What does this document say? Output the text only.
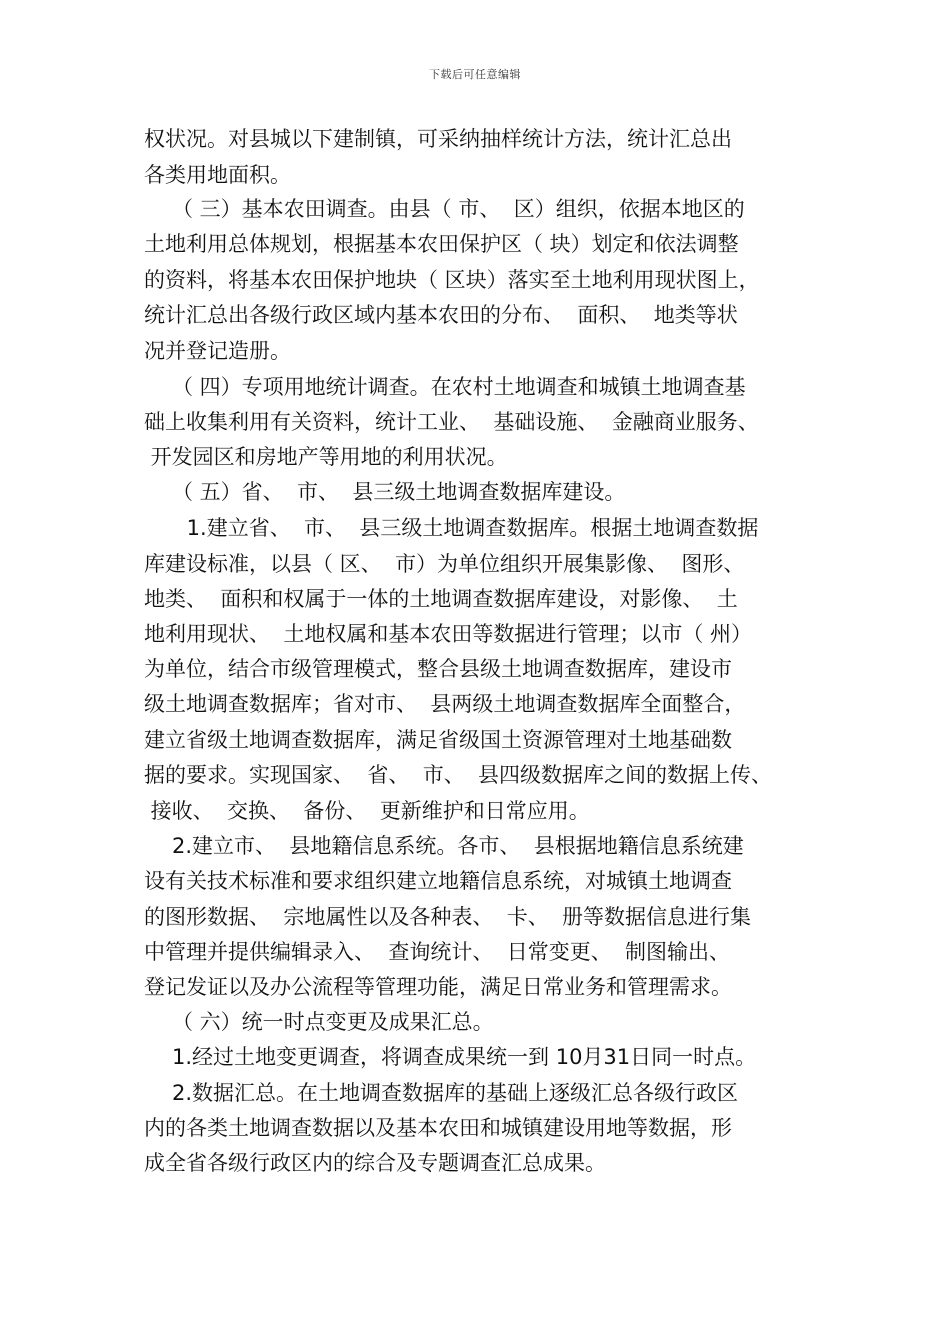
下载后可任意编辑
权状况。对县城以下建制镇，可采纳抽样统计方法，统计汇总出
各类用地面积。
（ 三）基本农田调查。由县（ 市、  区）组织，依据本地区的
土地利用总体规划，根据基本农田保护区（ 块）划定和依法调整
的资料，将基本农田保护地块（ 区块）落实至土地利用现状图上，
统计汇总出各级行政区域内基本农田的分布、  面积、  地类等状
况并登记造册。
（ 四）专项用地统计调查。在农村土地调查和城镇土地调查基
础上收集利用有关资料，统计工业、  基础设施、  金融商业服务、
开发园区和房地产等用地的利用状况。
（ 五）省、  市、  县三级土地调查数据库建设。
1.建立省、  市、  县三级土地调查数据库。根据土地调查数据
库建设标准，以县（ 区、  市）为单位组织开展集影像、  图形、
地类、  面积和权属于一体的土地调查数据库建设，对影像、  土
地利用现状、  土地权属和基本农田等数据进行管理；以市（ 州）
为单位，结合市级管理模式，整合县级土地调查数据库，建设市
级土地调查数据库；省对市、  县两级土地调查数据库全面整合，
建立省级土地调查数据库，满足省级国土资源管理对土地基础数
据的要求。实现国家、  省、  市、  县四级数据库之间的数据上传、
接收、  交换、  备份、  更新维护和日常应用。
2.建立市、  县地籍信息系统。各市、  县根据地籍信息系统建
设有关技术标准和要求组织建立地籍信息系统，对城镇土地调查
的图形数据、  宗地属性以及各种表、  卡、  册等数据信息进行集
中管理并提供编辑录入、  查询统计、  日常变更、  制图输出、
登记发证以及办公流程等管理功能，满足日常业务和管理需求。
（ 六）统一时点变更及成果汇总。
1.经过土地变更调查，将调查成果统一到 10月31日同一时点。
2.数据汇总。在土地调查数据库的基础上逐级汇总各级行政区
内的各类土地调查数据以及基本农田和城镇建设用地等数据，形
成全省各级行政区内的综合及专题调查汇总成果。
